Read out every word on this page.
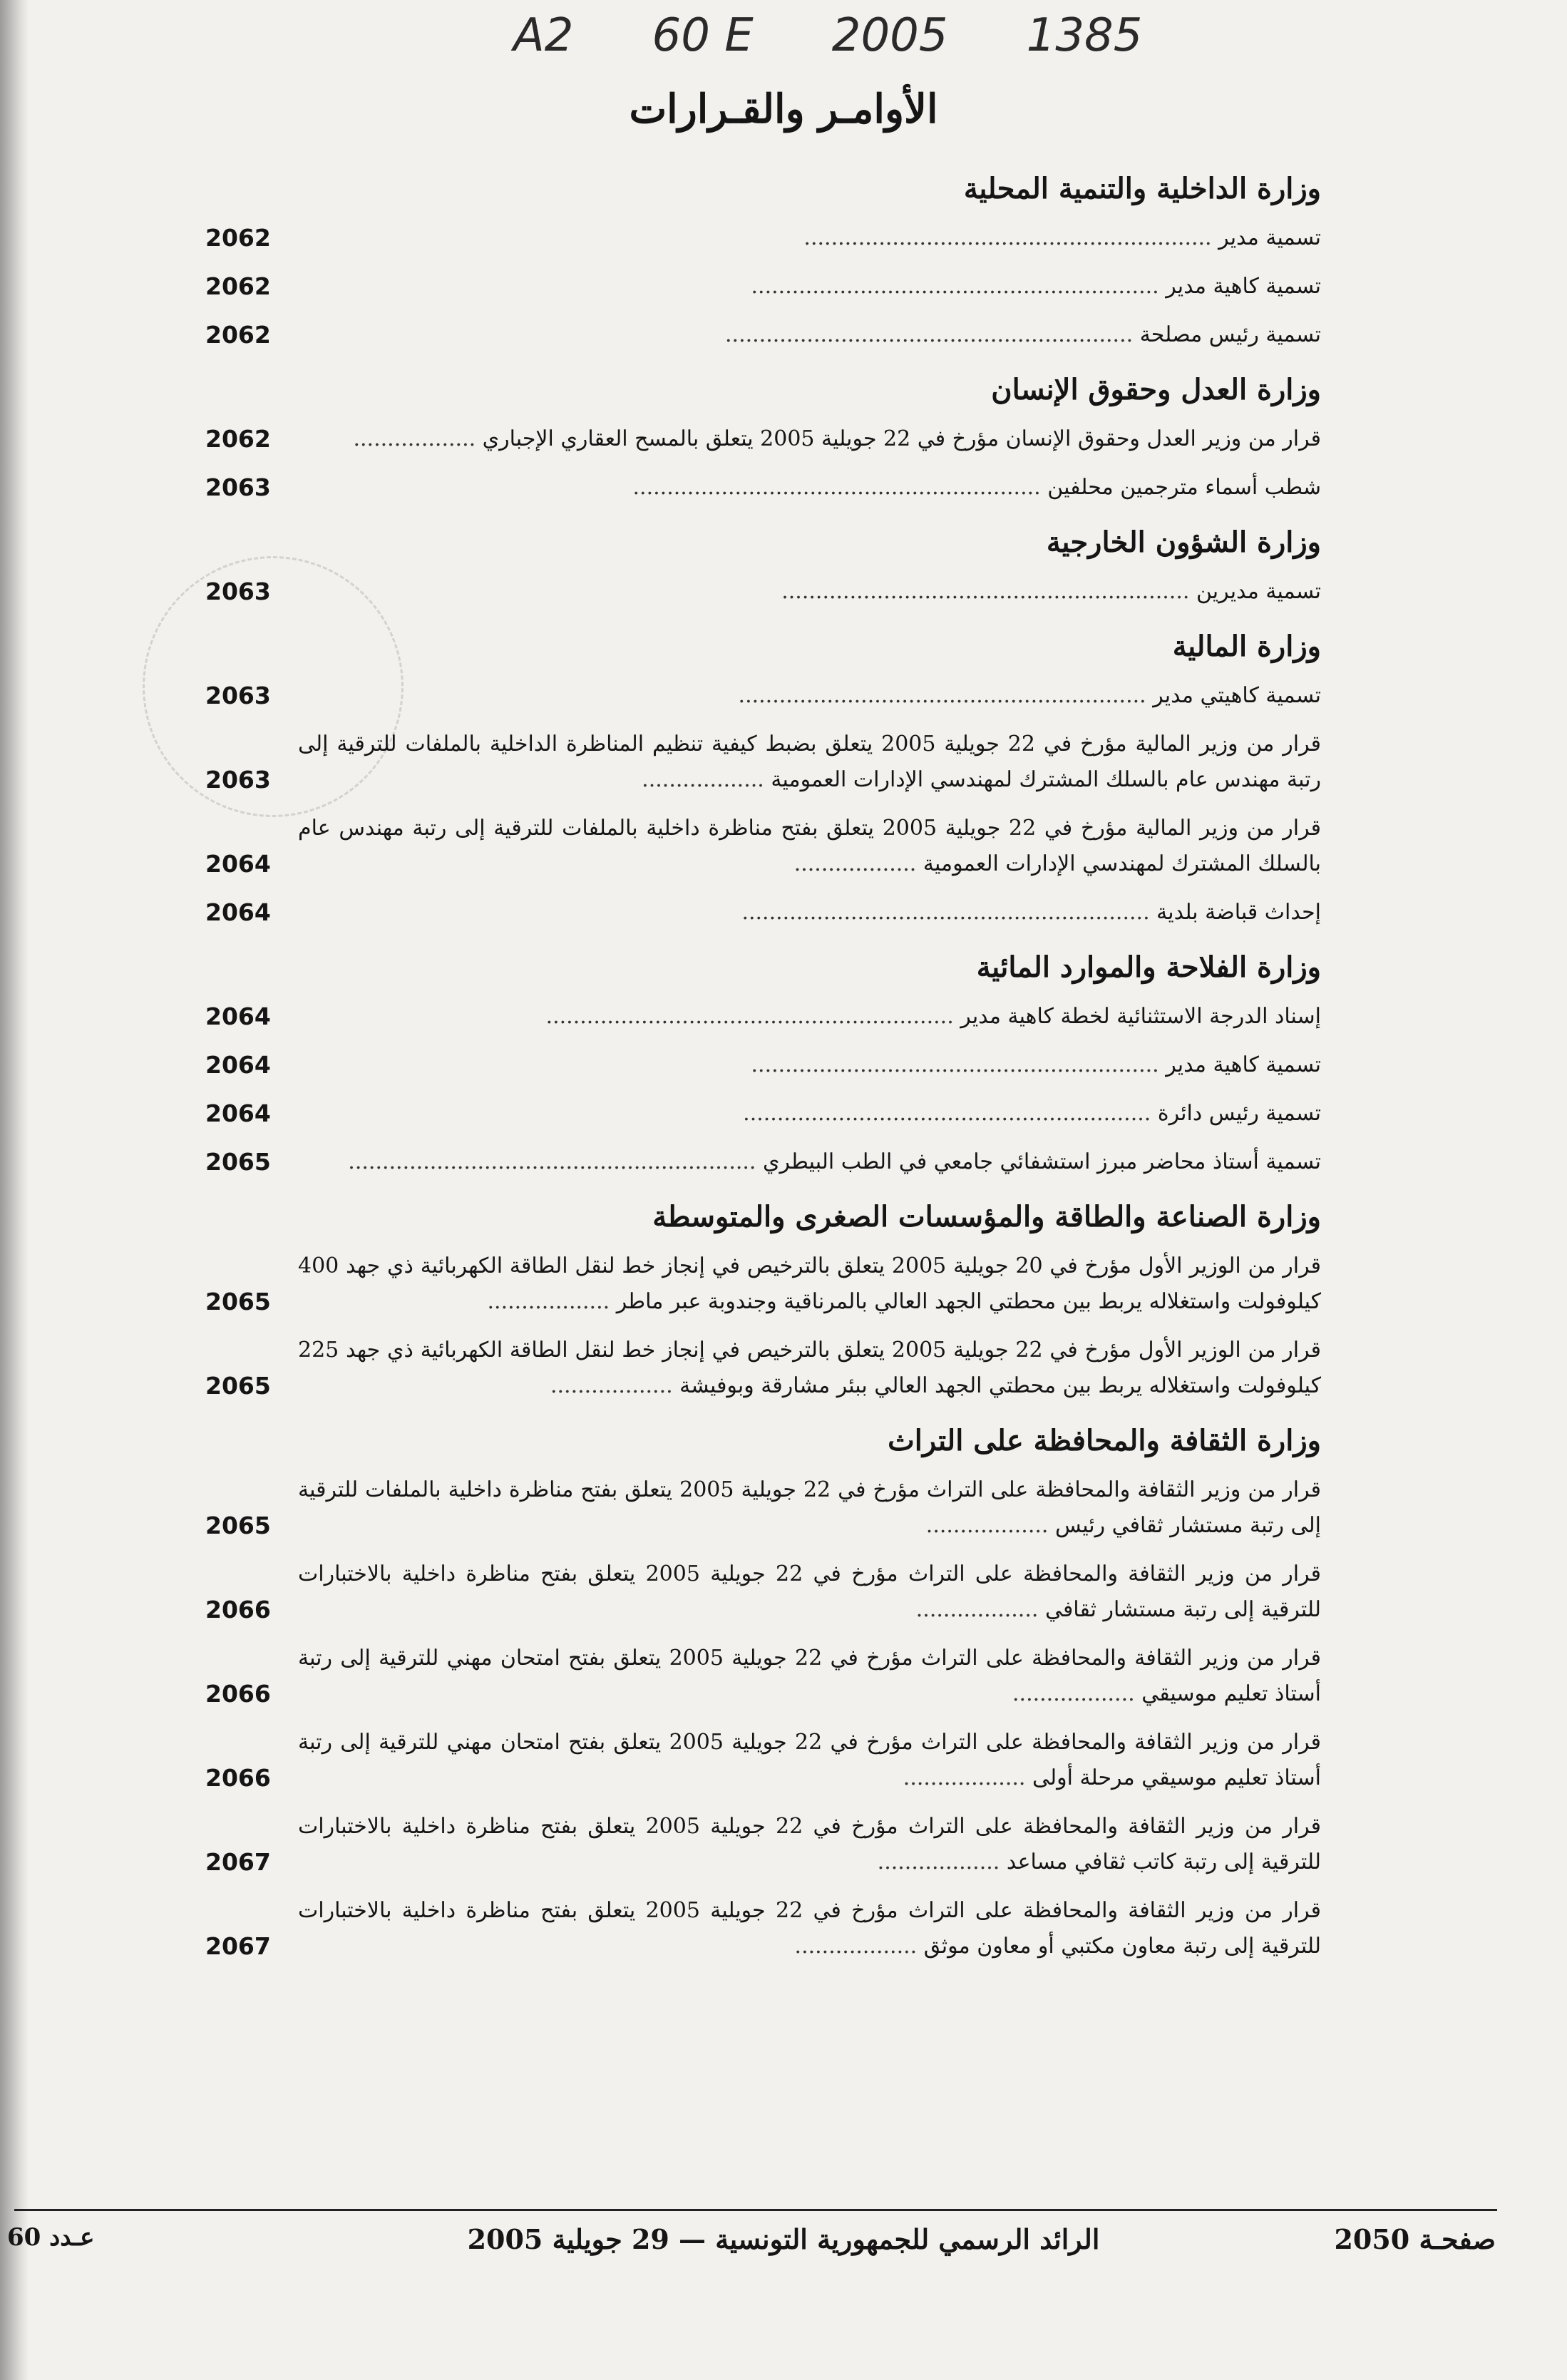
A2 60 E 2005 1385
الأوامـر والقـرارات
وزارة الداخلية والتنمية المحلية
تسمية مدير ............................................................
2062
تسمية كاهية مدير ............................................................
2062
تسمية رئيس مصلحة ............................................................
2062
وزارة العدل وحقوق الإنسان
قرار من وزير العدل وحقوق الإنسان مؤرخ في 22 جويلية 2005 يتعلق بالمسح العقاري الإجباري ..................
2062
شطب أسماء مترجمين محلفين ............................................................
2063
وزارة الشؤون الخارجية
تسمية مديرين ............................................................
2063
وزارة المالية
تسمية كاهيتي مدير ............................................................
2063
قرار من وزير المالية مؤرخ في 22 جويلية 2005 يتعلق بضبط كيفية تنظيم المناظرة الداخلية بالملفات للترقية إلى رتبة مهندس عام بالسلك المشترك لمهندسي الإدارات العمومية ..................
2063
قرار من وزير المالية مؤرخ في 22 جويلية 2005 يتعلق بفتح مناظرة داخلية بالملفات للترقية إلى رتبة مهندس عام بالسلك المشترك لمهندسي الإدارات العمومية ..................
2064
إحداث قباضة بلدية ............................................................
2064
وزارة الفلاحة والموارد المائية
إسناد الدرجة الاستثنائية لخطة كاهية مدير ............................................................
2064
تسمية كاهية مدير ............................................................
2064
تسمية رئيس دائرة ............................................................
2064
تسمية أستاذ محاضر مبرز استشفائي جامعي في الطب البيطري ............................................................
2065
وزارة الصناعة والطاقة والمؤسسات الصغرى والمتوسطة
قرار من الوزير الأول مؤرخ في 20 جويلية 2005 يتعلق بالترخيص في إنجاز خط لنقل الطاقة الكهربائية ذي جهد 400 كيلوفولت واستغلاله يربط بين محطتي الجهد العالي بالمرناقية وجندوبة عبر ماطر ..................
2065
قرار من الوزير الأول مؤرخ في 22 جويلية 2005 يتعلق بالترخيص في إنجاز خط لنقل الطاقة الكهربائية ذي جهد 225 كيلوفولت واستغلاله يربط بين محطتي الجهد العالي ببئر مشارقة وبوفيشة ..................
2065
وزارة الثقافة والمحافظة على التراث
قرار من وزير الثقافة والمحافظة على التراث مؤرخ في 22 جويلية 2005 يتعلق بفتح مناظرة داخلية بالملفات للترقية إلى رتبة مستشار ثقافي رئيس ..................
2065
قرار من وزير الثقافة والمحافظة على التراث مؤرخ في 22 جويلية 2005 يتعلق بفتح مناظرة داخلية بالاختبارات للترقية إلى رتبة مستشار ثقافي ..................
2066
قرار من وزير الثقافة والمحافظة على التراث مؤرخ في 22 جويلية 2005 يتعلق بفتح امتحان مهني للترقية إلى رتبة أستاذ تعليم موسيقي ..................
2066
قرار من وزير الثقافة والمحافظة على التراث مؤرخ في 22 جويلية 2005 يتعلق بفتح امتحان مهني للترقية إلى رتبة أستاذ تعليم موسيقي مرحلة أولى ..................
2066
قرار من وزير الثقافة والمحافظة على التراث مؤرخ في 22 جويلية 2005 يتعلق بفتح مناظرة داخلية بالاختبارات للترقية إلى رتبة كاتب ثقافي مساعد ..................
2067
قرار من وزير الثقافة والمحافظة على التراث مؤرخ في 22 جويلية 2005 يتعلق بفتح مناظرة داخلية بالاختبارات للترقية إلى رتبة معاون مكتبي أو معاون موثق ..................
2067
صفحـة 2050
الرائد الرسمي للجمهورية التونسية — 29 جويلية 2005
عـدد 60
